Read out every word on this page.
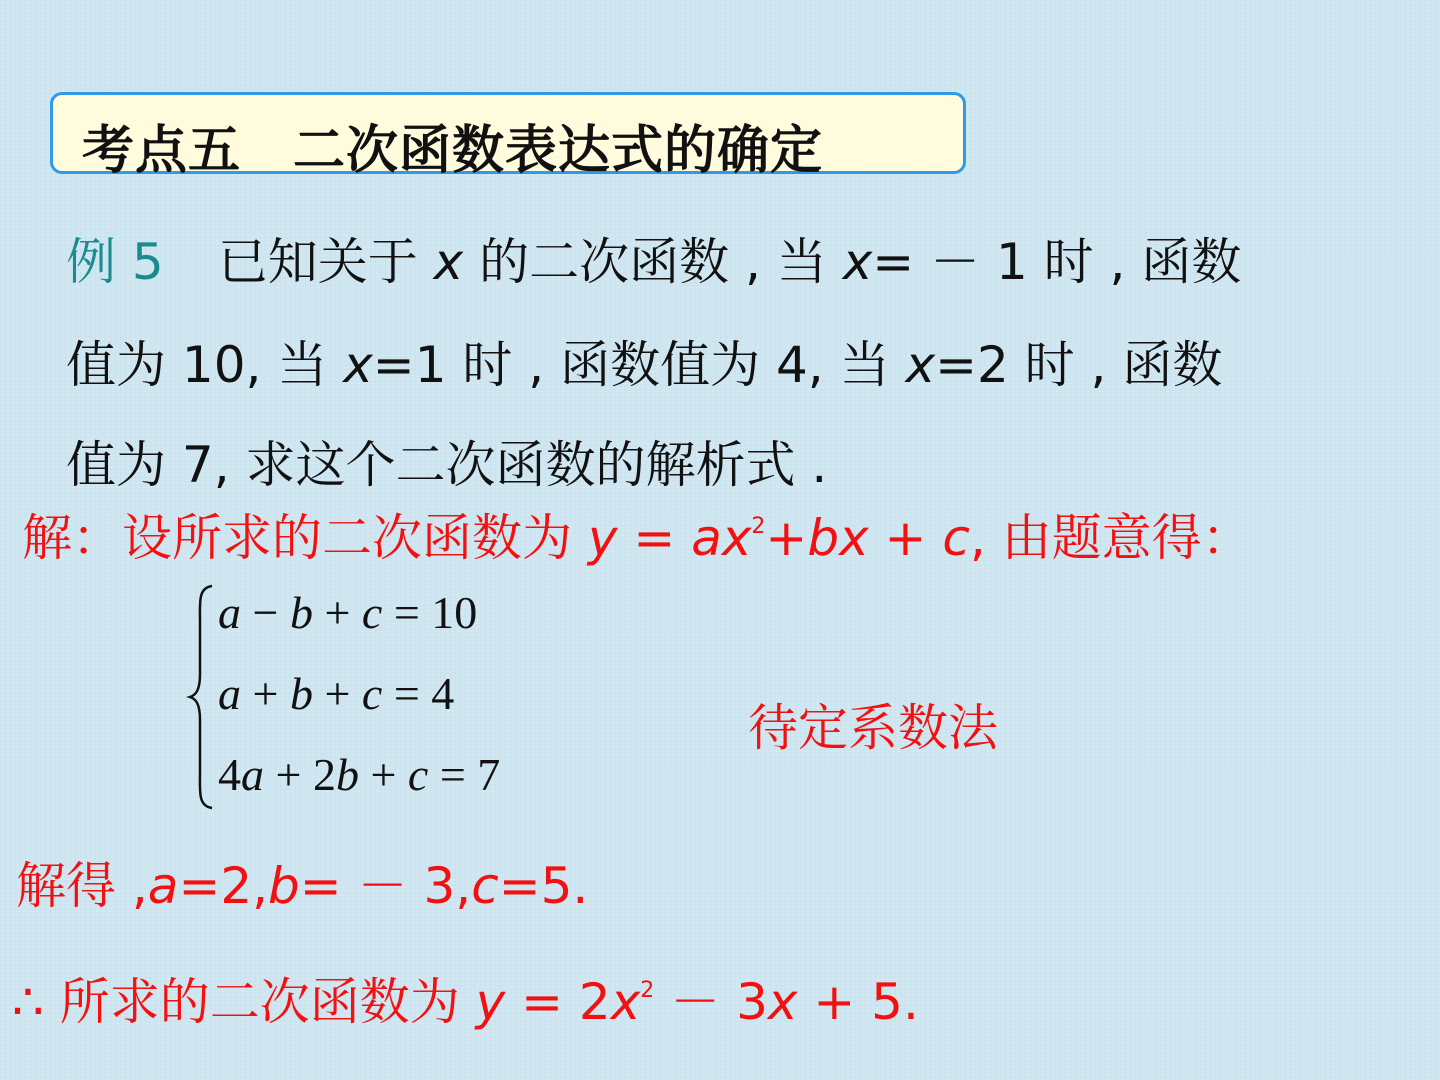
考点五 二次函数表达式的确定
例 5 已知关于 x 的二次函数 , 当 x= － 1 时 , 函数
值为 10, 当 x=1 时 , 函数值为 4, 当 x=2 时 , 函数
值为 7, 求这个二次函数的解析式 .
解：设所求的二次函数为 $y = ax^2+bx + c$, 由题意得：
a − b + c = 10
a + b + c = 4
4a + 2b + c = 7
待定系数法
解得 ,a=2,b= － 3,c=5.
∴ 所求的二次函数为 $y = 2x^2 - 3x + 5$.
